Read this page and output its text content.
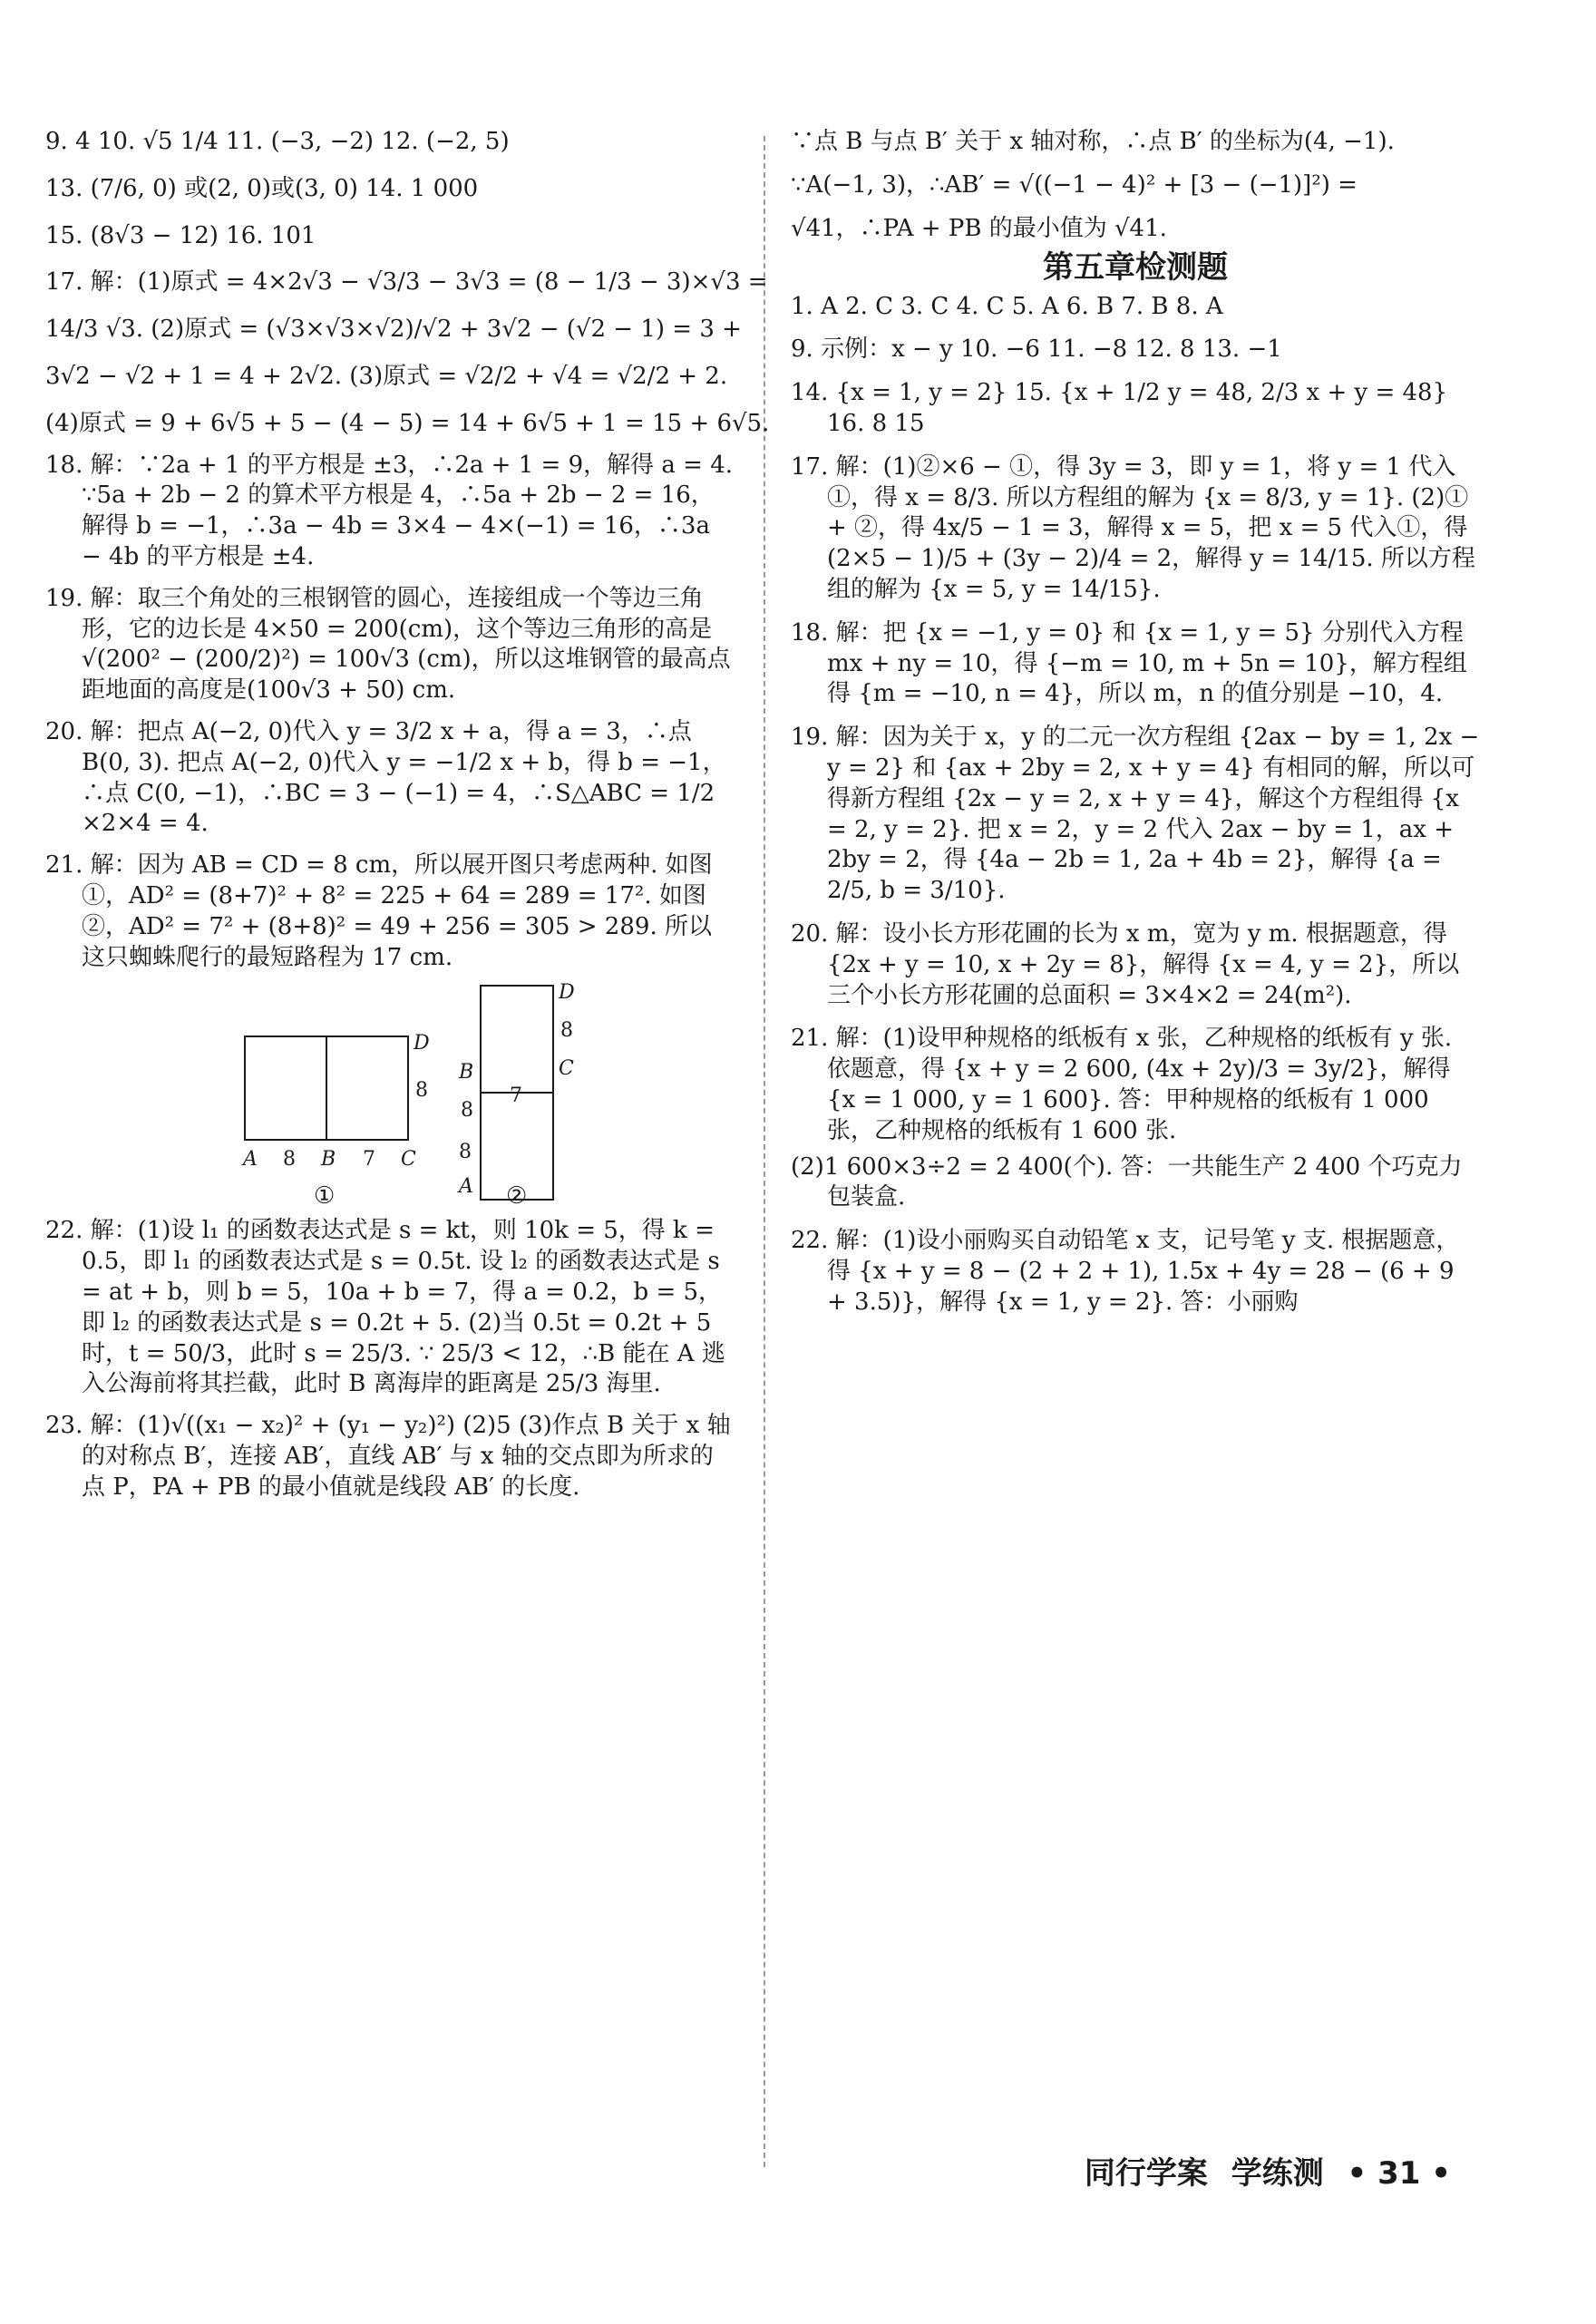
9. 4 10. √5 1/4 11. (−3, −2) 12. (−2, 5)

13. (7/6, 0) 或(2, 0)或(3, 0) 14. 1 000

15. (8√3 − 12) 16. 101

17. 解：(1)原式 = 4×2√3 − √3/3 − 3√3 = (8 − 1/3 − 3)×√3 =

14/3 √3. (2)原式 = (√3×√3×√2)/√2 + 3√2 − (√2 − 1) = 3 +

3√2 − √2 + 1 = 4 + 2√2. (3)原式 = √2/2 + √4 = √2/2 + 2.

(4)原式 = 9 + 6√5 + 5 − (4 − 5) = 14 + 6√5 + 1 = 15 + 6√5.

18. 解：∵2a + 1 的平方根是 ±3，∴2a + 1 = 9，解得 a = 4. ∵5a + 2b − 2 的算术平方根是 4，∴5a + 2b − 2 = 16，解得 b = −1，∴3a − 4b = 3×4 − 4×(−1) = 16，∴3a − 4b 的平方根是 ±4.

19. 解：取三个角处的三根钢管的圆心，连接组成一个等边三角形，它的边长是 4×50 = 200(cm)，这个等边三角形的高是 √(200² − (200/2)²) = 100√3 (cm)，所以这堆钢管的最高点距地面的高度是(100√3 + 50) cm.

20. 解：把点 A(−2, 0)代入 y = 3/2 x + a，得 a = 3，∴点 B(0, 3). 把点 A(−2, 0)代入 y = −1/2 x + b，得 b = −1，∴点 C(0, −1)，∴BC = 3 − (−1) = 4，∴S△ABC = 1/2 ×2×4 = 4.

21. 解：因为 AB = CD = 8 cm，所以展开图只考虑两种. 如图①，AD² = (8+7)² + 8² = 225 + 64 = 289 = 17². 如图②，AD² = 7² + (8+8)² = 49 + 256 = 305 > 289. 所以这只蜘蛛爬行的最短路程为 17 cm.

A 8 B 7 C
D
8
D
8
C
B
8
7
8
A
①	②

22. 解：(1)设 l₁ 的函数表达式是 s = kt，则 10k = 5，得 k = 0.5，即 l₁ 的函数表达式是 s = 0.5t. 设 l₂ 的函数表达式是 s = at + b，则 b = 5，10a + b = 7，得 a = 0.2，b = 5，即 l₂ 的函数表达式是 s = 0.2t + 5. (2)当 0.5t = 0.2t + 5 时，t = 50/3，此时 s = 25/3. ∵ 25/3 < 12，∴B 能在 A 逃入公海前将其拦截，此时 B 离海岸的距离是 25/3 海里.

23. 解：(1)√((x₁ − x₂)² + (y₁ − y₂)²) (2)5 (3)作点 B 关于 x 轴的对称点 B′，连接 AB′，直线 AB′ 与 x 轴的交点即为所求的点 P，PA + PB 的最小值就是线段 AB′ 的长度.

∵点 B 与点 B′ 关于 x 轴对称，∴点 B′ 的坐标为(4, −1).

∵A(−1, 3)，∴AB′ = √((−1 − 4)² + [3 − (−1)]²) =

√41，∴PA + PB 的最小值为 √41.

第五章检测题

1. A 2. C 3. C 4. C 5. A 6. B 7. B 8. A

9. 示例：x − y 10. −6 11. −8 12. 8 13. −1

14. {x = 1, y = 2} 15. {x + 1/2 y = 48, 2/3 x + y = 48} 16. 8 15

17. 解：(1)②×6 − ①，得 3y = 3，即 y = 1，将 y = 1 代入①，得 x = 8/3. 所以方程组的解为 {x = 8/3, y = 1}. (2)① + ②，得 4x/5 − 1 = 3，解得 x = 5，把 x = 5 代入①，得 (2×5 − 1)/5 + (3y − 2)/4 = 2，解得 y = 14/15. 所以方程组的解为 {x = 5, y = 14/15}.

18. 解：把 {x = −1, y = 0} 和 {x = 1, y = 5} 分别代入方程 mx + ny = 10，得 {−m = 10, m + 5n = 10}，解方程组得 {m = −10, n = 4}，所以 m，n 的值分别是 −10，4.

19. 解：因为关于 x，y 的二元一次方程组 {2ax − by = 1, 2x − y = 2} 和 {ax + 2by = 2, x + y = 4} 有相同的解，所以可得新方程组 {2x − y = 2, x + y = 4}，解这个方程组得 {x = 2, y = 2}. 把 x = 2，y = 2 代入 2ax − by = 1，ax + 2by = 2，得 {4a − 2b = 1, 2a + 4b = 2}，解得 {a = 2/5, b = 3/10}.

20. 解：设小长方形花圃的长为 x m，宽为 y m. 根据题意，得 {2x + y = 10, x + 2y = 8}，解得 {x = 4, y = 2}，所以三个小长方形花圃的总面积 = 3×4×2 = 24(m²).

21. 解：(1)设甲种规格的纸板有 x 张，乙种规格的纸板有 y 张. 依题意，得 {x + y = 2 600, (4x + 2y)/3 = 3y/2}，解得 {x = 1 000, y = 1 600}. 答：甲种规格的纸板有 1 000 张，乙种规格的纸板有 1 600 张.

(2)1 600×3÷2 = 2 400(个). 答：一共能生产 2 400 个巧克力包装盒.

22. 解：(1)设小丽购买自动铅笔 x 支，记号笔 y 支. 根据题意，得 {x + y = 8 − (2 + 2 + 1), 1.5x + 4y = 28 − (6 + 9 + 3.5)}，解得 {x = 1, y = 2}. 答：小丽购

同行学案 学练测 • 31 •
